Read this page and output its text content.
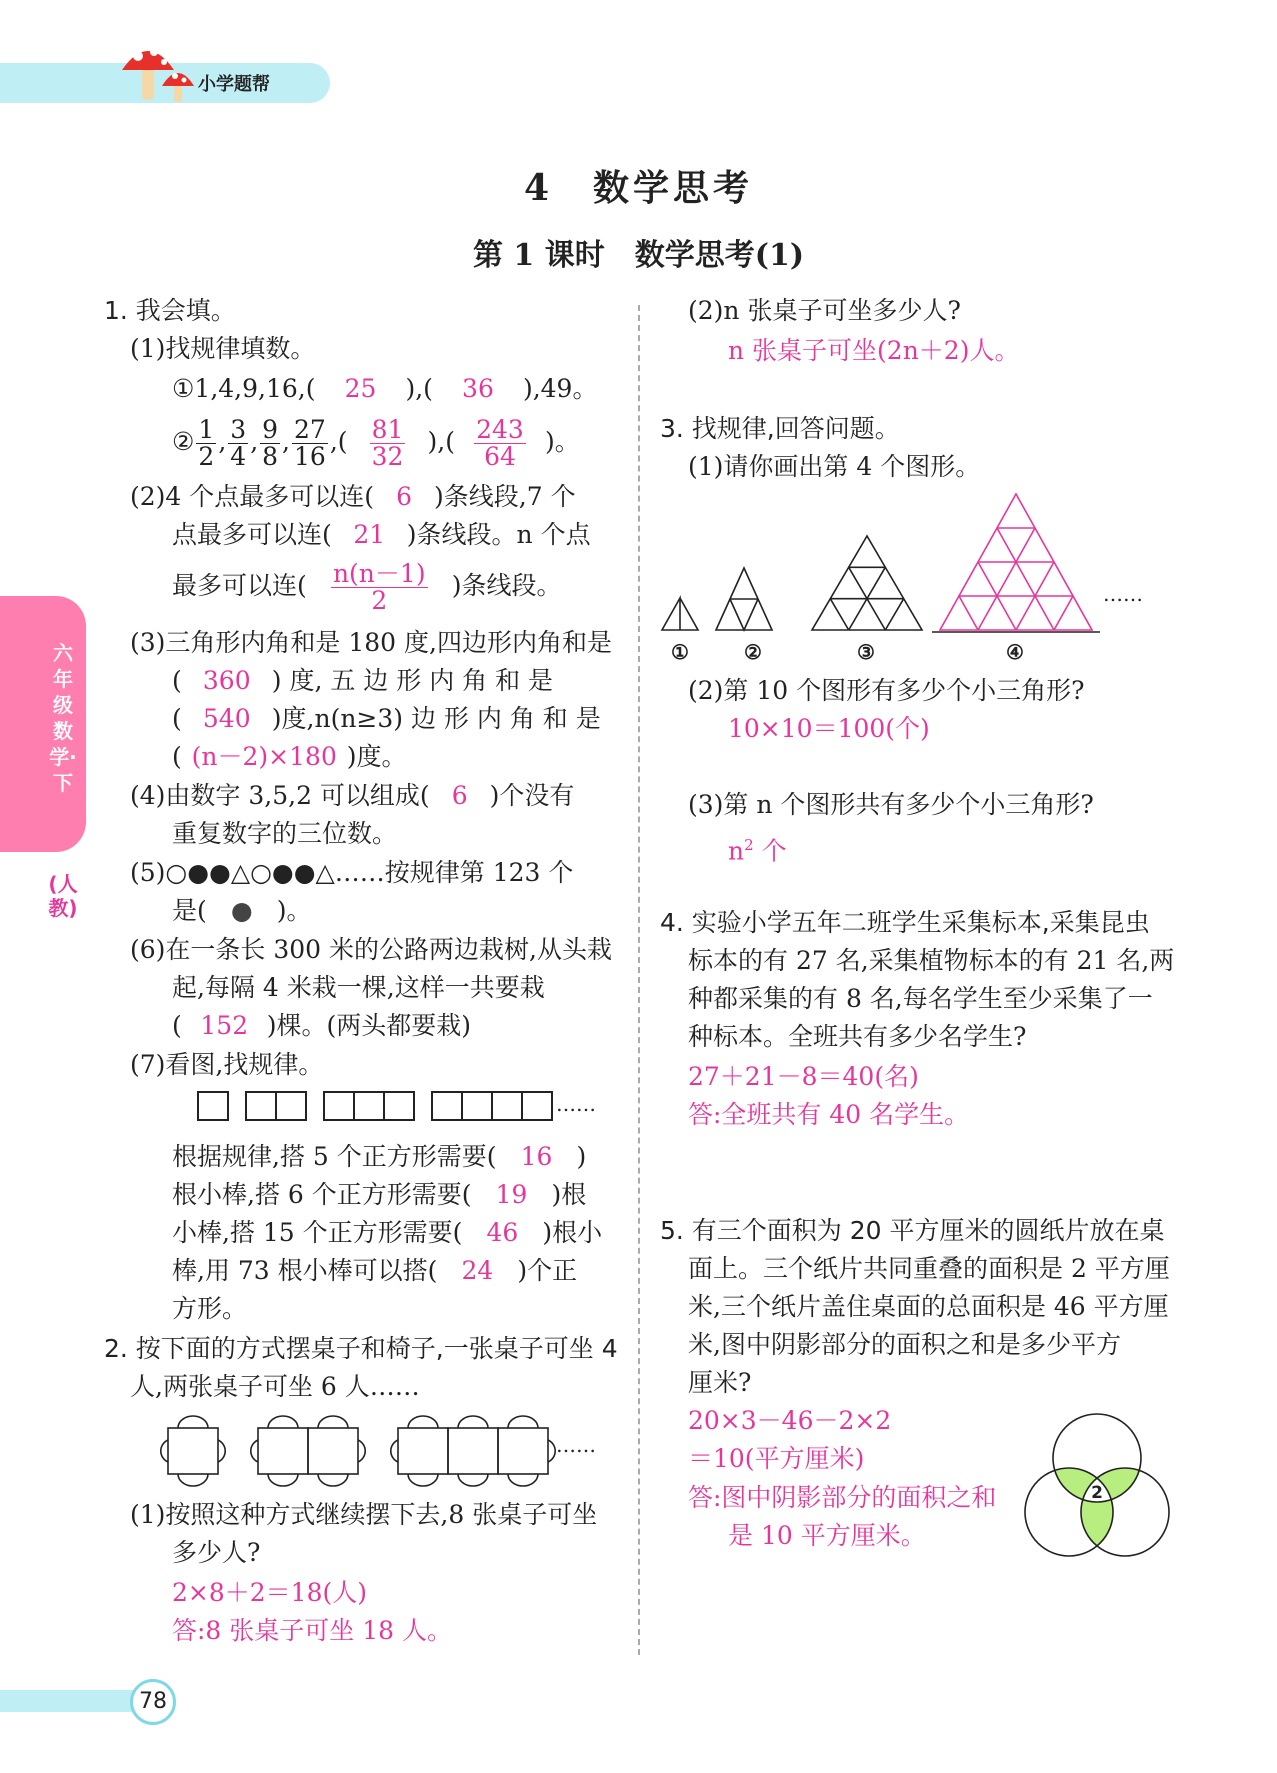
小学题帮
4　数学思考
第 1 课时　数学思考(1)
六年级数学·下
(人教)
1. 我会填。
(1)找规律填数。
①1,4,9,16,( 25 ),( 36 ),49。
② $\frac{1}{2}$ , $\frac{3}{4}$ , $\frac{9}{8}$ , $\frac{27}{16}$ ,( $\frac{81}{32}$ ),( $\frac{243}{64}$ )。
(2)4 个点最多可以连( 6 )条线段,7 个
点最多可以连( 21 )条线段。n 个点
最多可以连( $\frac{n(n-1)}{2}$ )条线段。
(3)三角形内角和是 180 度,四边形内角和是
( 360 ) 度, 五 边 形 内 角 和 是
( 540 )度,n(n≥3) 边 形 内 角 和 是
( (n－2)×180 )度。
(4)由数字 3,5,2 可以组成( 6 )个没有
重复数字的三位数。
(5)○●●△○●●△……按规律第 123 个
是( ● )。
(6)在一条长 300 米的公路两边栽树,从头栽
起,每隔 4 米栽一棵,这样一共要栽
( 152 )棵。(两头都要栽)
(7)看图,找规律。
……
根据规律,搭 5 个正方形需要( 16 )
根小棒,搭 6 个正方形需要( 19 )根
小棒,搭 15 个正方形需要( 46 )根小
棒,用 73 根小棒可以搭( 24 )个正
方形。
2. 按下面的方式摆桌子和椅子,一张桌子可坐 4
人,两张桌子可坐 6 人……
……
(1)按照这种方式继续摆下去,8 张桌子可坐
多少人?
2×8＋2＝18(人)
答:8 张桌子可坐 18 人。
(2)n 张桌子可坐多少人?
n 张桌子可坐(2n＋2)人。
3. 找规律,回答问题。
(1)请你画出第 4 个图形。
……
①	②	③	④
(2)第 10 个图形有多少个小三角形?
10×10＝100(个)
(3)第 n 个图形共有多少个小三角形?
$n^2$ 个
4. 实验小学五年二班学生采集标本,采集昆虫
标本的有 27 名,采集植物标本的有 21 名,两
种都采集的有 8 名,每名学生至少采集了一
种标本。全班共有多少名学生?
27＋21－8＝40(名)
答:全班共有 40 名学生。
5. 有三个面积为 20 平方厘米的圆纸片放在桌
面上。三个纸片共同重叠的面积是 2 平方厘
米,三个纸片盖住桌面的总面积是 46 平方厘
米,图中阴影部分的面积之和是多少平方
厘米?
20×3－46－2×2
＝10(平方厘米)
答:图中阴影部分的面积之和
是 10 平方厘米。
2
78
